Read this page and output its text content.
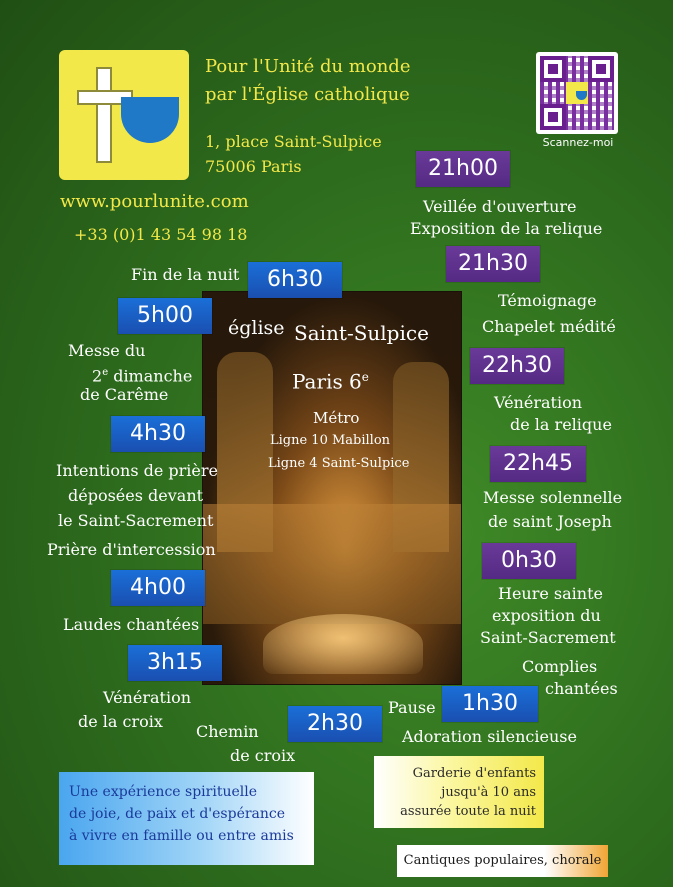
Pour l'Unité du monde
par l'Église catholique
1, place Saint-Sulpice
75006 Paris
www.pourlunite.com
+33 (0)1 43 54 98 18
Scannez-moi
église Saint-Sulpice
Paris 6e
Métro
Ligne 10 Mabillon
Ligne 4 Saint-Sulpice
21h00
Veillée d'ouverture
Exposition de la relique
21h30
Témoignage
Chapelet médité
22h30
Vénération
de la relique
22h45
Messe solennelle
de saint Joseph
0h30
Heure sainte
exposition du
Saint-Sacrement
Complies
chantées
Pause	1h30
Adoration silencieuse
Fin de la nuit	6h30
5h00
Messe du
2e dimanche
de Carême
4h30
Intentions de prière
déposées devant
le Saint-Sacrement
Prière d'intercession
4h00
Laudes chantées
3h15
Vénération
de la croix
Chemin	2h30
de croix
Une expérience spirituelle
de joie, de paix et d'espérance
à vivre en famille ou entre amis
Garderie d'enfants
jusqu'à 10 ans
assurée toute la nuit
Cantiques populaires, chorale
